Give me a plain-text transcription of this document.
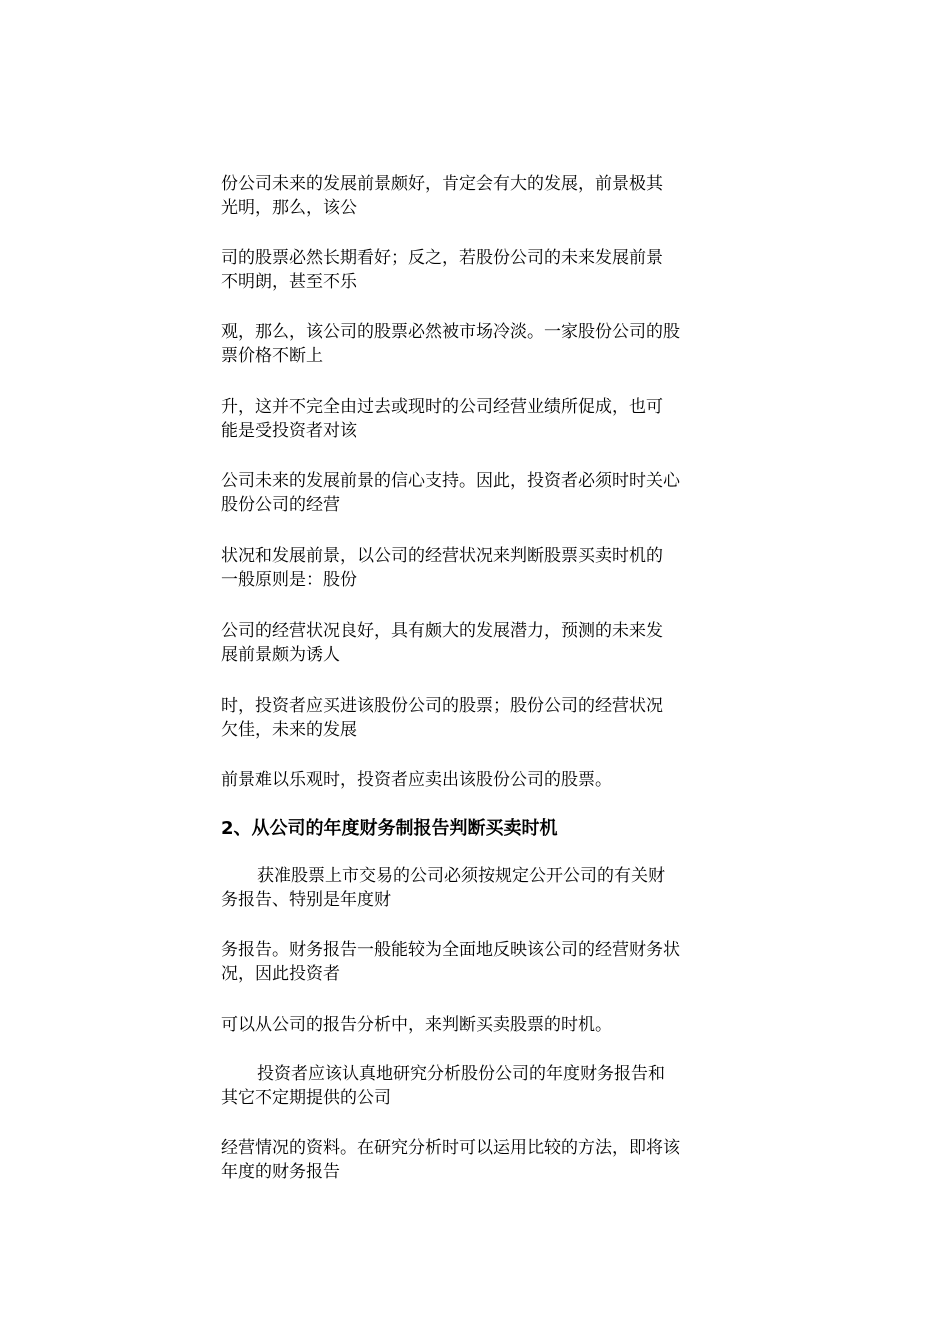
份公司未来的发展前景颇好，肯定会有大的发展，前景极其
光明，那么，该公

司的股票必然长期看好；反之，若股份公司的未来发展前景
不明朗，甚至不乐

观，那么，该公司的股票必然被市场冷淡。一家股份公司的股
票价格不断上

升，这并不完全由过去或现时的公司经营业绩所促成，也可
能是受投资者对该

公司未来的发展前景的信心支持。因此，投资者必须时时关心
股份公司的经营

状况和发展前景，以公司的经营状况来判断股票买卖时机的
一般原则是：股份

公司的经营状况良好，具有颇大的发展潜力，预测的未来发
展前景颇为诱人

时，投资者应买进该股份公司的股票；股份公司的经营状况
欠佳，未来的发展

前景难以乐观时，投资者应卖出该股份公司的股票。

2、从公司的年度财务制报告判断买卖时机

获准股票上市交易的公司必须按规定公开公司的有关财
务报告、特别是年度财

务报告。财务报告一般能较为全面地反映该公司的经营财务状
况，因此投资者

可以从公司的报告分析中，来判断买卖股票的时机。

投资者应该认真地研究分析股份公司的年度财务报告和
其它不定期提供的公司

经营情况的资料。在研究分析时可以运用比较的方法，即将该
年度的财务报告
